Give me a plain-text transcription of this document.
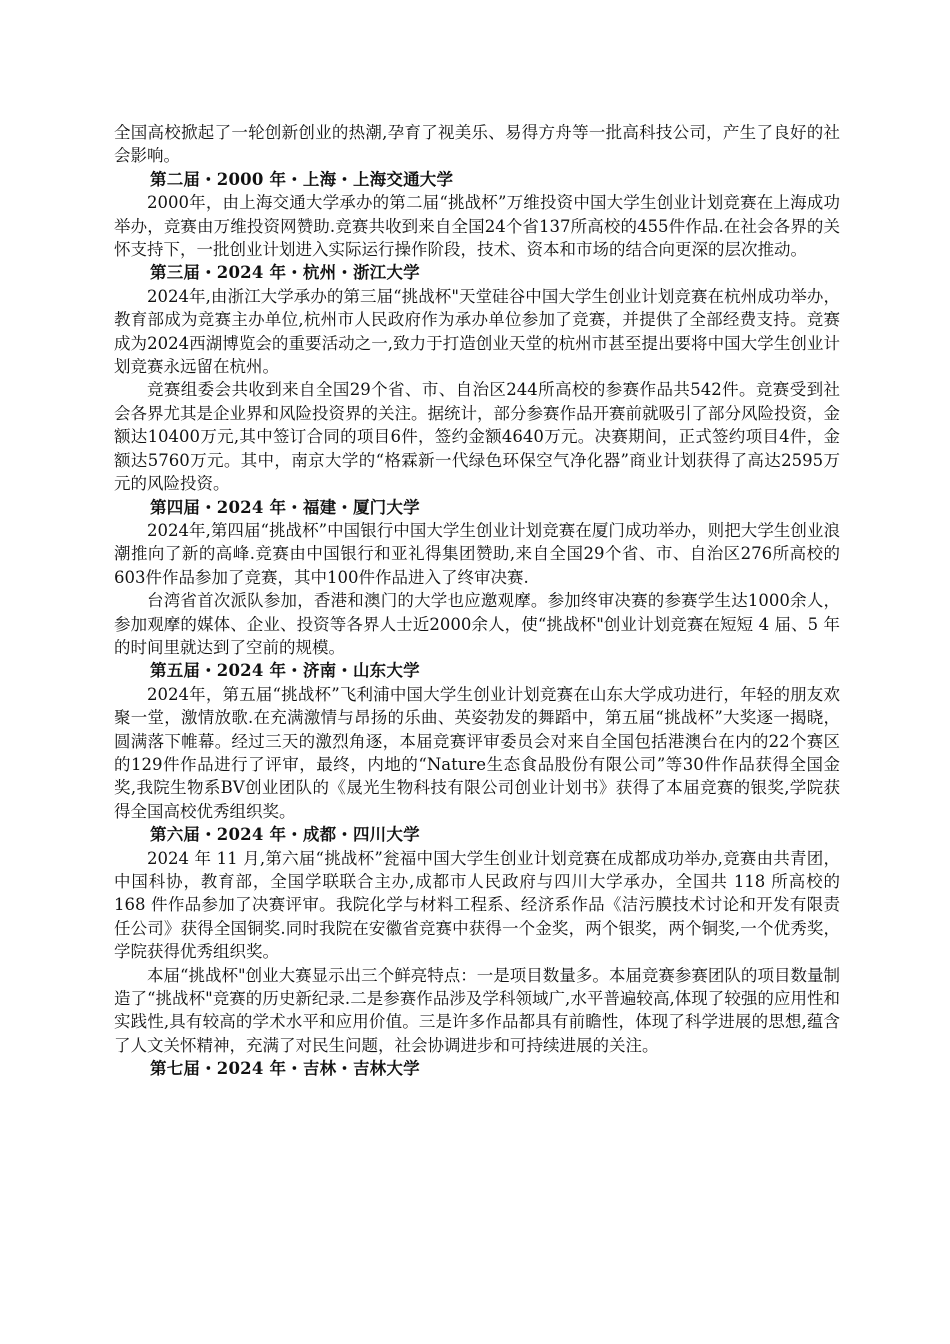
全国高校掀起了一轮创新创业的热潮,孕育了视美乐、易得方舟等一批高科技公司，产生了良好的社会影响。

第二届・2000 年・上海・上海交通大学

2000年，由上海交通大学承办的第二届“挑战杯”万维投资中国大学生创业计划竞赛在上海成功举办，竞赛由万维投资网赞助.竞赛共收到来自全国24个省137所高校的455件作品.在社会各界的关怀支持下，一批创业计划进入实际运行操作阶段，技术、资本和市场的结合向更深的层次推动。

第三届・2024 年・杭州・浙江大学

2024年,由浙江大学承办的第三届“挑战杯"天堂硅谷中国大学生创业计划竞赛在杭州成功举办，教育部成为竞赛主办单位,杭州市人民政府作为承办单位参加了竞赛，并提供了全部经费支持。竞赛成为2024西湖博览会的重要活动之一,致力于打造创业天堂的杭州市甚至提出要将中国大学生创业计划竞赛永远留在杭州。

竞赛组委会共收到来自全国29个省、市、自治区244所高校的参赛作品共542件。竞赛受到社会各界尤其是企业界和风险投资界的关注。据统计，部分参赛作品开赛前就吸引了部分风险投资，金额达10400万元,其中签订合同的项目6件，签约金额4640万元。决赛期间，正式签约项目4件，金额达5760万元。其中，南京大学的“格霖新一代绿色环保空气净化器”商业计划获得了高达2595万元的风险投资。

第四届・2024 年・福建・厦门大学

2024年,第四届“挑战杯”中国银行中国大学生创业计划竞赛在厦门成功举办，则把大学生创业浪潮推向了新的高峰.竞赛由中国银行和亚礼得集团赞助,来自全国29个省、市、自治区276所高校的603件作品参加了竞赛，其中100件作品进入了终审决赛.

台湾省首次派队参加，香港和澳门的大学也应邀观摩。参加终审决赛的参赛学生达1000余人，参加观摩的媒体、企业、投资等各界人士近2000余人，使“挑战杯"创业计划竞赛在短短 4 届、5 年的时间里就达到了空前的规模。

第五届・2024 年・济南・山东大学

2024年，第五届“挑战杯”飞利浦中国大学生创业计划竞赛在山东大学成功进行，年轻的朋友欢聚一堂，激情放歌.在充满激情与昂扬的乐曲、英姿勃发的舞蹈中，第五届“挑战杯”大奖逐一揭晓，圆满落下帷幕。经过三天的激烈角逐，本届竞赛评审委员会对来自全国包括港澳台在内的22个赛区的129件作品进行了评审，最终，内地的“Nature生态食品股份有限公司”等30件作品获得全国金奖,我院生物系BV创业团队的《晟光生物科技有限公司创业计划书》获得了本届竞赛的银奖,学院获得全国高校优秀组织奖。

第六届・2024 年・成都・四川大学

2024 年 11 月,第六届“挑战杯”瓮福中国大学生创业计划竞赛在成都成功举办,竞赛由共青团，中国科协，教育部，全国学联联合主办,成都市人民政府与四川大学承办，全国共 118 所高校的 168 件作品参加了决赛评审。我院化学与材料工程系、经济系作品《洁污膜技术讨论和开发有限责任公司》获得全国铜奖.同时我院在安徽省竞赛中获得一个金奖，两个银奖，两个铜奖,一个优秀奖，学院获得优秀组织奖。

本届“挑战杯"创业大赛显示出三个鲜亮特点：一是项目数量多。本届竞赛参赛团队的项目数量制造了“挑战杯"竞赛的历史新纪录.二是参赛作品涉及学科领域广,水平普遍较高,体现了较强的应用性和实践性,具有较高的学术水平和应用价值。三是许多作品都具有前瞻性，体现了科学进展的思想,蕴含了人文关怀精神，充满了对民生问题，社会协调进步和可持续进展的关注。

第七届・2024 年・吉林・吉林大学
